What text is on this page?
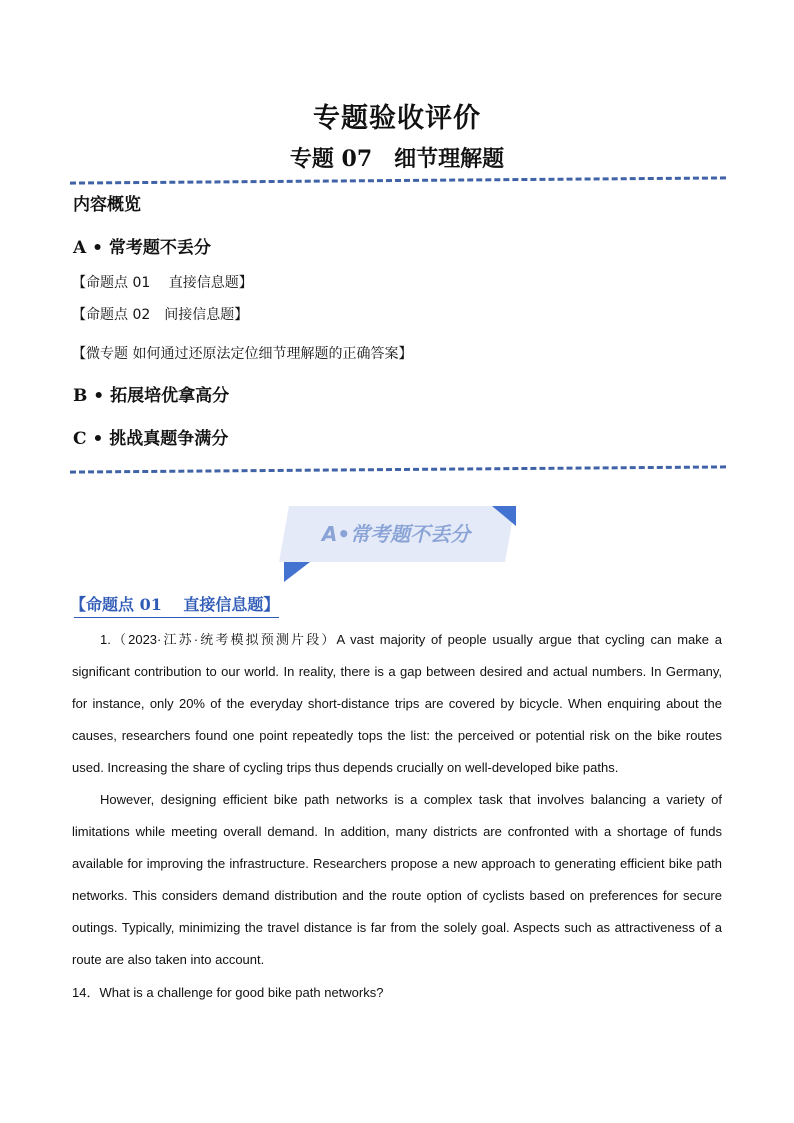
专题验收评价
专题 07　细节理解题
内容概览
A • 常考题不丢分
【命题点 01　 直接信息题】
【命题点 02　间接信息题】
【微专题 如何通过还原法定位细节理解题的正确答案】
B • 拓展培优拿高分
C • 挑战真题争满分
A•常考题不丢分
【命题点 01　 直接信息题】

1.（2023·江苏·统考模拟预测片段）A vast majority of people usually argue that cycling can make a significant contribution to our world. In reality, there is a gap between desired and actual numbers. In Germany, for instance, only 20% of the everyday short-distance trips are covered by bicycle. When enquiring about the causes, researchers found one point repeatedly tops the list: the perceived or potential risk on the bike routes used. Increasing the share of cycling trips thus depends crucially on well-developed bike paths.

However, designing efficient bike path networks is a complex task that involves balancing a variety of limitations while meeting overall demand. In addition, many districts are confronted with a shortage of funds available for improving the infrastructure. Researchers propose a new approach to generating efficient bike path networks. This considers demand distribution and the route option of cyclists based on preferences for secure outings. Typically, minimizing the travel distance is far from the solely goal. Aspects such as attractiveness of a route are also taken into account.

14．What is a challenge for good bike path networks?
